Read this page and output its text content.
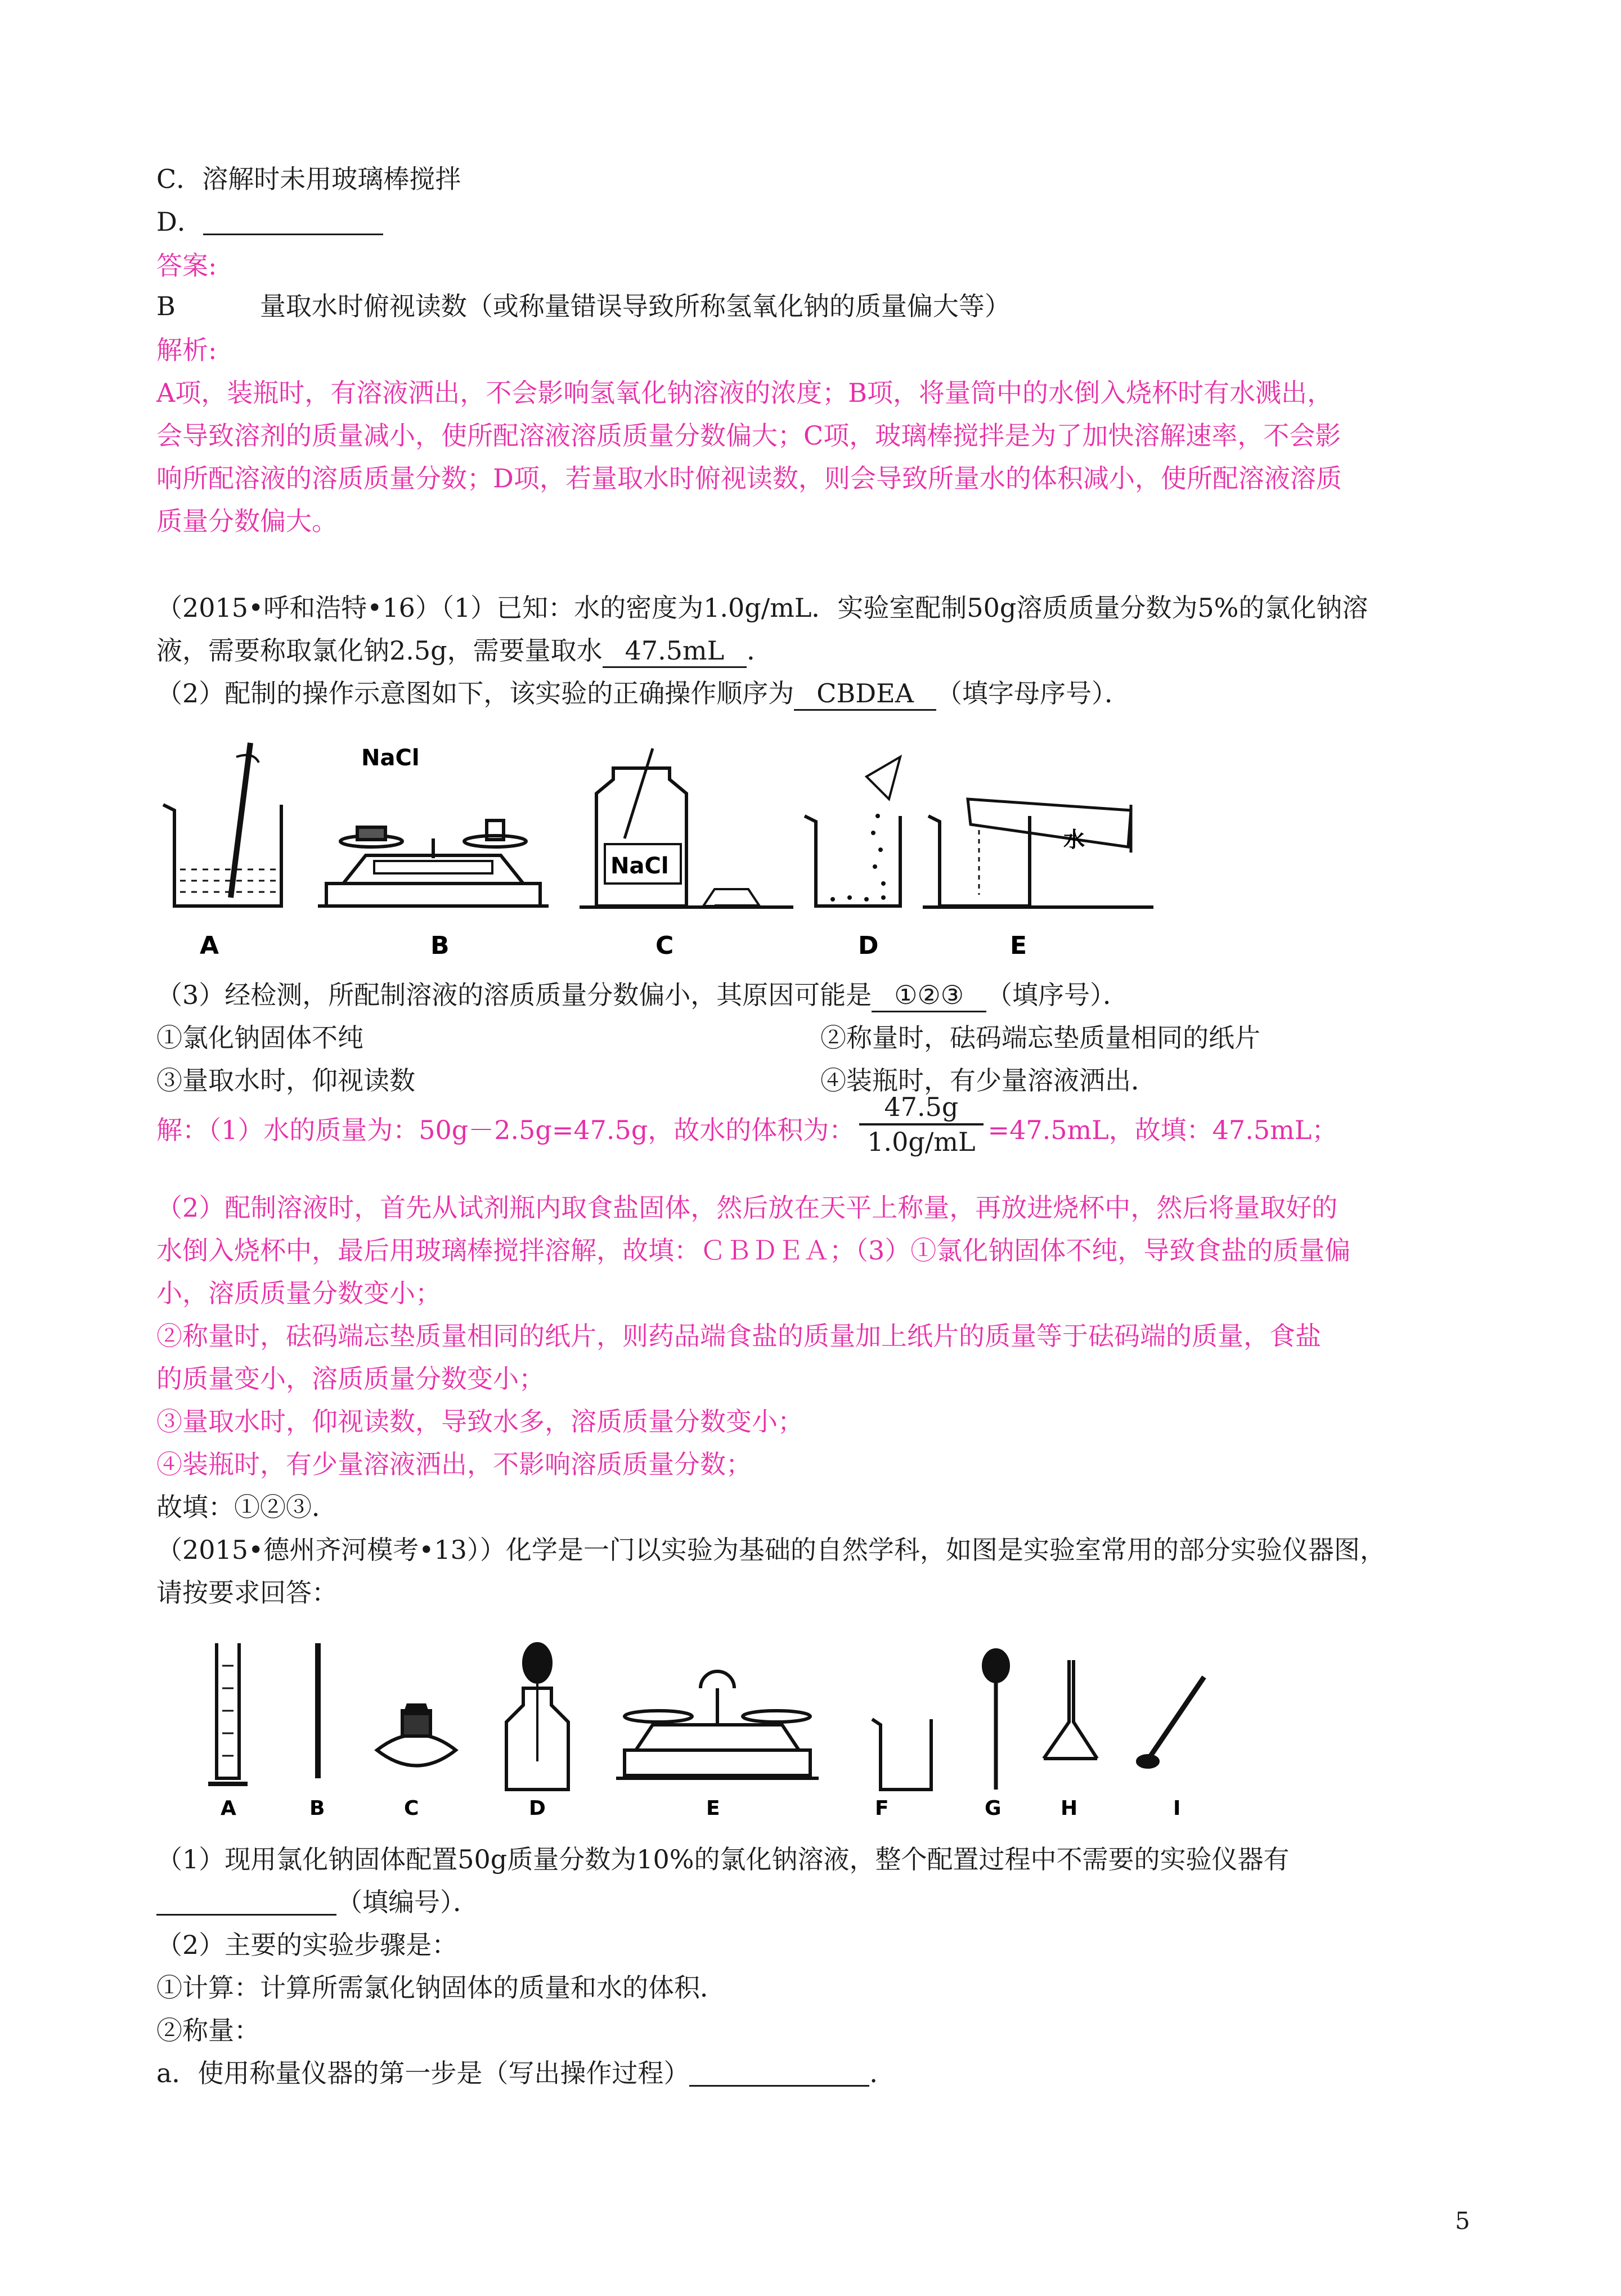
C．溶解时未用玻璃棒搅拌
D．
答案:
B	量取水时俯视读数（或称量错误导致所称氢氧化钠的质量偏大等）
解析:
A项，装瓶时，有溶液洒出，不会影响氢氧化钠溶液的浓度；B项，将量筒中的水倒入烧杯时有水溅出，
会导致溶剂的质量减小，使所配溶液溶质质量分数偏大；C项，玻璃棒搅拌是为了加快溶解速率，不会影
响所配溶液的溶质质量分数；D项，若量取水时俯视读数，则会导致所量水的体积减小，使所配溶液溶质
质量分数偏大。
（2015•呼和浩特•16）（1）已知：水的密度为1.0g/mL．实验室配制50g溶质质量分数为5%的氯化钠溶
液，需要称取氯化钠2.5g，需要量取水 47.5mL ．
（2）配制的操作示意图如下，该实验的正确操作顺序为 CBDEA （填字母序号）．
NaCl
NaCl
水
A	B	C	D	E
（3）经检测，所配制溶液的溶质质量分数偏小，其原因可能是 ①②③ （填序号）．
①氯化钠固体不纯	②称量时，砝码端忘垫质量相同的纸片
③量取水时，仰视读数	④装瓶时，有少量溶液洒出．
解：（1）水的质量为：50g－2.5g=47.5g，故水的体积为： $\frac{47.5g}{1.0g/mL} =47.5mL$，故填：47.5mL；
（2）配制溶液时，首先从试剂瓶内取食盐固体，然后放在天平上称量，再放进烧杯中，然后将量取好的
水倒入烧杯中，最后用玻璃棒搅拌溶解，故填：ＣＢＤＥＡ；（3）①氯化钠固体不纯，导致食盐的质量偏
小，溶质质量分数变小；
②称量时，砝码端忘垫质量相同的纸片，则药品端食盐的质量加上纸片的质量等于砝码端的质量，食盐
的质量变小，溶质质量分数变小；
③量取水时，仰视读数，导致水多，溶质质量分数变小；
④装瓶时，有少量溶液洒出，不影响溶质质量分数；
故填：①②③．
（2015•德州齐河模考•13））化学是一门以实验为基础的自然学科，如图是实验室常用的部分实验仪器图，
请按要求回答：
A	B	C	D	E	F	G	H	I
（1）现用氯化钠固体配置50g质量分数为10%的氯化钠溶液，整个配置过程中不需要的实验仪器有
（填编号）．
（2）主要的实验步骤是：
①计算：计算所需氯化钠固体的质量和水的体积．
②称量：
a．使用称量仪器的第一步是（写出操作过程）	．
5
